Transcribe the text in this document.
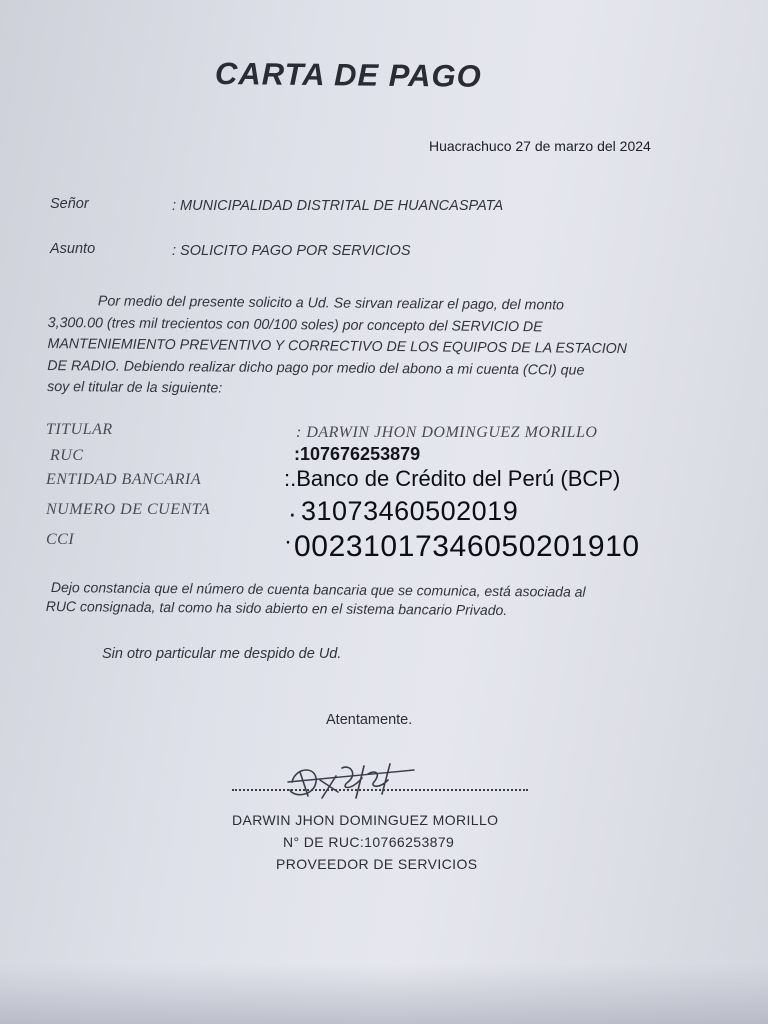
CARTA DE PAGO
Huacrachuco 27 de marzo del 2024
Señor	: MUNICIPALIDAD DISTRITAL DE HUANCASPATA
Asunto	: SOLICITO PAGO POR SERVICIOS
Por medio del presente solicito a Ud. Se sirvan realizar el pago, del monto
3,300.00 (tres mil trecientos con 00/100 soles) por concepto del SERVICIO DE
MANTENIEMIENTO PREVENTIVO Y CORRECTIVO DE LOS EQUIPOS DE LA ESTACION
DE RADIO. Debiendo realizar dicho pago por medio del abono a mi cuenta (CCI) que
soy el titular de la siguiente:
TITULAR	: DARWIN JHON DOMINGUEZ MORILLO
RUC	:10767625387​9
ENTIDAD BANCARIA	:.Banco de Crédito del Perú (BCP)
NUMERO DE CUENTA	· 31073460502019
CCI	· 00231017346050201910

Dejo constancia que el número de cuenta bancaria que se comunica, está asociada al

RUC consignada, tal como ha sido abierto en el sistema bancario Privado.

Sin otro particular me despido de Ud.
Atentamente.
DARWIN JHON DOMINGUEZ MORILLO
N° DE RUC:10766253879
PROVEEDOR DE SERVICIOS
